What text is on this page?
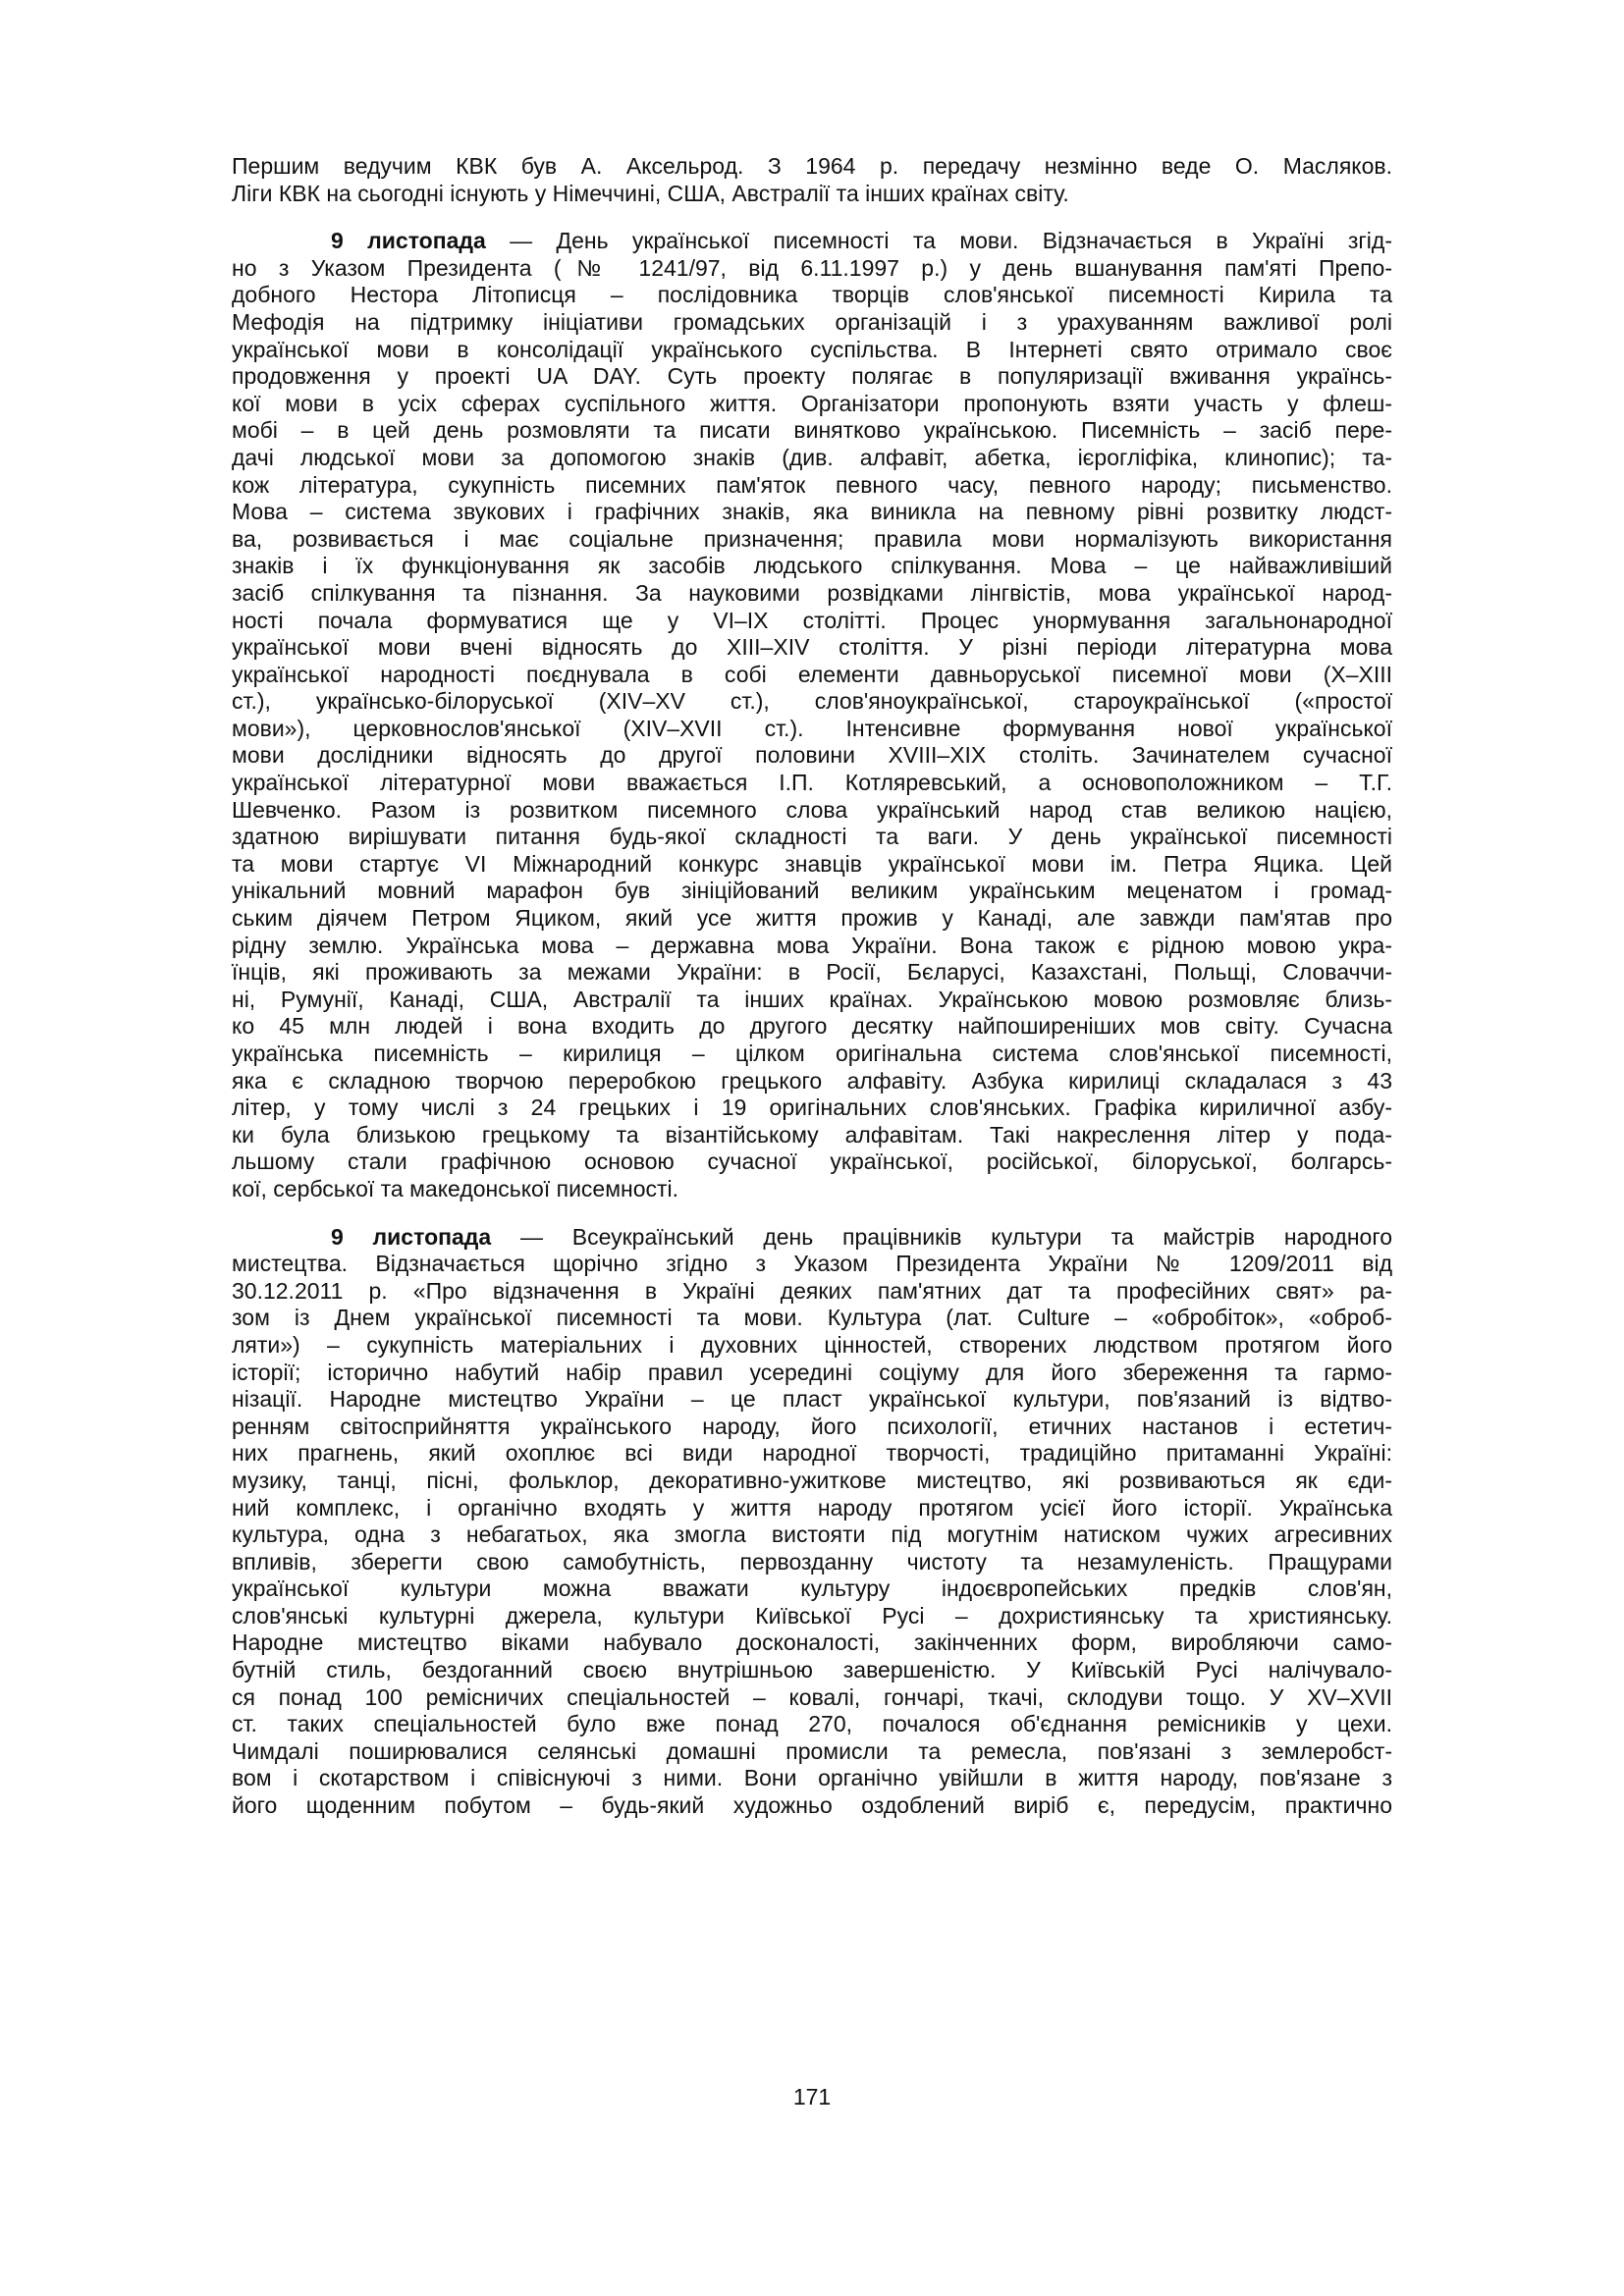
Першим ведучим КВК був А. Аксельрод. З 1964 р. передачу незмінно веде О. Масляков.
Ліги КВК на сьогодні існують у Німеччині, США, Австралії та інших країнах світу.
9 листопада — День української писемності та мови. Відзначається в Україні згід-
но з Указом Президента (№ 1241/97, від 6.11.1997 р.) у день вшанування пам'яті Препо-
добного Нестора Літописця – послідовника творців слов'янської писемності Кирила та
Мефодія на підтримку ініціативи громадських організацій і з урахуванням важливої ролі
української мови в консолідації українського суспільства. В Інтернеті свято отримало своє
продовження у проекті UA DAY. Суть проекту полягає в популяризації вживання українсь-
кої мови в усіх сферах суспільного життя. Організатори пропонують взяти участь у флеш-
мобі – в цей день розмовляти та писати винятково українською. Писемність – засіб пере-
дачі людської мови за допомогою знаків (див. алфавіт, абетка, ієрогліфіка, клинопис); та-
кож література, сукупність писемних пам'яток певного часу, певного народу; письменство.
Мова – система звукових і графічних знаків, яка виникла на певному рівні розвитку людст-
ва, розвивається і має соціальне призначення; правила мови нормалізують використання
знаків і їх функціонування як засобів людського спілкування. Мова – це найважливіший
засіб спілкування та пізнання. За науковими розвідками лінгвістів, мова української народ-
ності почала формуватися ще у VI–IX столітті. Процес унормування загальнонародної
української мови вчені відносять до XIII–XIV століття. У різні періоди літературна мова
української народності поєднувала в собі елементи давньоруської писемної мови (X–XIII
ст.), українсько-білоруської (XIV–XV ст.), слов'яноукраїнської, староукраїнської («простої
мови»), церковнослов'янської (XIV–XVII ст.). Інтенсивне формування нової української
мови дослідники відносять до другої половини XVIII–XIX століть. Зачинателем сучасної
української літературної мови вважається І.П. Котляревський, а основоположником – Т.Г.
Шевченко. Разом із розвитком писемного слова український народ став великою нацією,
здатною вирішувати питання будь-якої складності та ваги. У день української писемності
та мови стартує VI Міжнародний конкурс знавців української мови ім. Петра Яцика. Цей
унікальний мовний марафон був зініційований великим українським меценатом і громад-
ським діячем Петром Яциком, який усе життя прожив у Канаді, але завжди пам'ятав про
рідну землю. Українська мова – державна мова України. Вона також є рідною мовою укра-
їнців, які проживають за межами України: в Росії, Бєларусі, Казахстані, Польщі, Словаччи-
ні, Румунії, Канаді, США, Австралії та інших країнах. Українською мовою розмовляє близь-
ко 45 млн людей і вона входить до другого десятку найпоширеніших мов світу. Сучасна
українська писемність – кирилиця – цілком оригінальна система слов'янської писемності,
яка є складною творчою переробкою грецького алфавіту. Азбука кирилиці складалася з 43
літер, у тому числі з 24 грецьких і 19 оригінальних слов'янських. Графіка кириличної азбу-
ки була близькою грецькому та візантійському алфавітам. Такі накреслення літер у пода-
льшому стали графічною основою сучасної української, російської, білоруської, болгарсь-
кої, сербської та македонської писемності.
9 листопада — Всеукраїнський день працівників культури та майстрів народного
мистецтва. Відзначається щорічно згідно з Указом Президента України № 1209/2011 від
30.12.2011 р. «Про відзначення в Україні деяких пам'ятних дат та професійних свят» ра-
зом із Днем української писемності та мови. Культура (лат. Culture – «обробіток», «оброб-
ляти») – сукупність матеріальних і духовних цінностей, створених людством протягом його
історії; історично набутий набір правил усередині соціуму для його збереження та гармо-
нізації. Народне мистецтво України – це пласт української культури, пов'язаний із відтво-
ренням світосприйняття українського народу, його психології, етичних настанов і естетич-
них прагнень, який охоплює всі види народної творчості, традиційно притаманні Україні:
музику, танці, пісні, фольклор, декоративно-ужиткове мистецтво, які розвиваються як єди-
ний комплекс, і органічно входять у життя народу протягом усієї його історії. Українська
культура, одна з небагатьох, яка змогла вистояти під могутнім натиском чужих агресивних
впливів, зберегти свою самобутність, первозданну чистоту та незамуленість. Пращурами
української культури можна вважати культуру індоєвропейських предків слов'ян,
слов'янські культурні джерела, культури Київської Русі – дохристиянську та християнську.
Народне мистецтво віками набувало досконалості, закінченних форм, виробляючи само-
бутній стиль, бездоганний своєю внутрішньою завершеністю. У Київській Русі налічувало-
ся понад 100 ремісничих спеціальностей – ковалі, гончарі, ткачі, склодуви тощо. У XV–XVII
ст. таких спеціальностей було вже понад 270, почалося об'єднання ремісників у цехи.
Чимдалі поширювалися селянські домашні промисли та ремесла, пов'язані з землеробст-
вом і скотарством і співіснуючі з ними. Вони органічно увійшли в життя народу, пов'язане з
його щоденним побутом – будь-який художньо оздоблений виріб є, передусім, практично
171
